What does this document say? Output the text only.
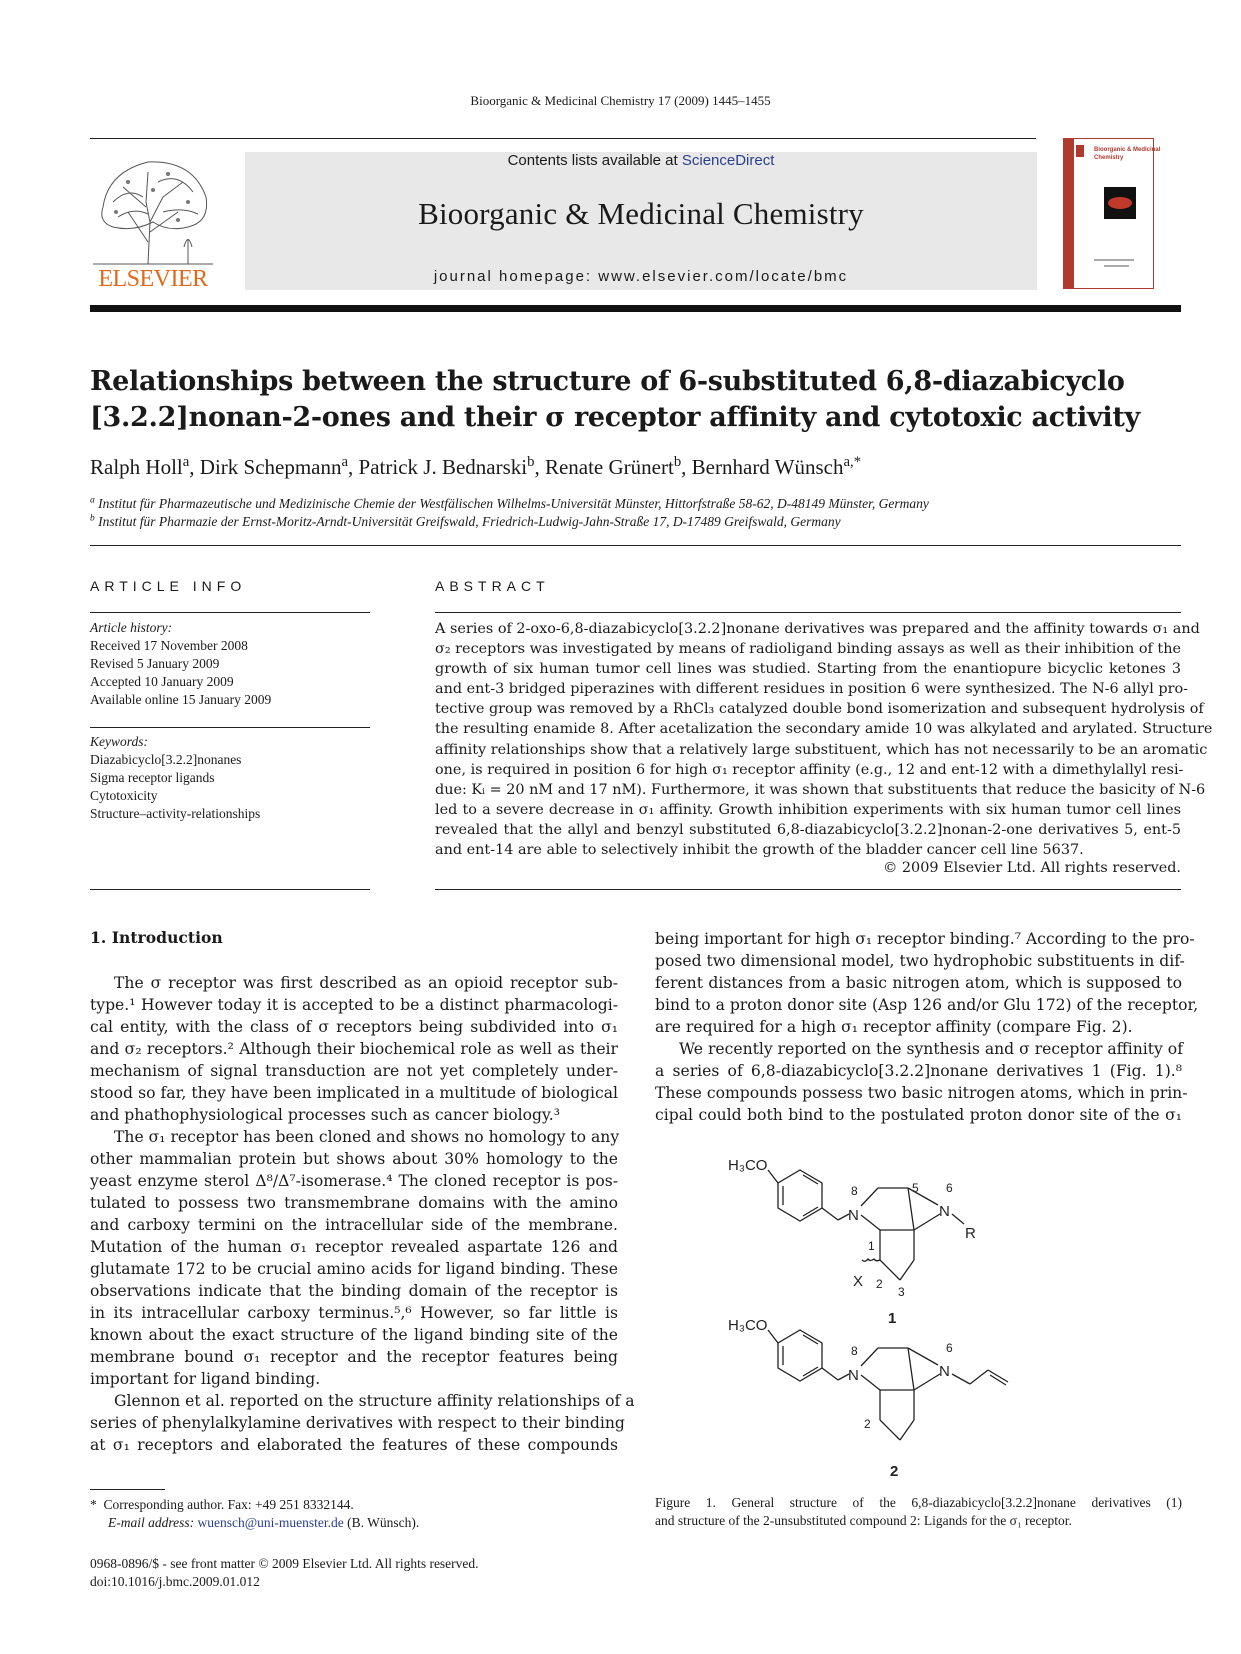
Bioorganic & Medicinal Chemistry 17 (2009) 1445–1455
ELSEVIER
Contents lists available at ScienceDirect
Bioorganic & Medicinal Chemistry
journal homepage: www.elsevier.com/locate/bmc
Bioorganic & Medicinal
Chemistry
Relationships between the structure of 6-substituted 6,8-diazabicyclo
[3.2.2]nonan-2-ones and their σ receptor affinity and cytotoxic activity
Ralph Holl$^a$, Dirk Schepmann$^a$, Patrick J. Bednarski$^b$, Renate Grünert$^b$, Bernhard Wünsch$^{a,*}$
$^a$ Institut für Pharmazeutische und Medizinische Chemie der Westfälischen Wilhelms-Universität Münster, Hittorfstraße 58-62, D-48149 Münster, Germany
$^b$ Institut für Pharmazie der Ernst-Moritz-Arndt-Universität Greifswald, Friedrich-Ludwig-Jahn-Straße 17, D-17489 Greifswald, Germany
ARTICLE INFO
Article history:
Received 17 November 2008
Revised 5 January 2009
Accepted 10 January 2009
Available online 15 January 2009
Keywords:
Diazabicyclo[3.2.2]nonanes
Sigma receptor ligands
Cytotoxicity
Structure–activity-relationships
ABSTRACT
A series of 2-oxo-6,8-diazabicyclo[3.2.2]nonane derivatives was prepared and the affinity towards σ₁ and
σ₂ receptors was investigated by means of radioligand binding assays as well as their inhibition of the
growth of six human tumor cell lines was studied. Starting from the enantiopure bicyclic ketones 3
and ent-3 bridged piperazines with different residues in position 6 were synthesized. The N-6 allyl pro-
tective group was removed by a RhCl₃ catalyzed double bond isomerization and subsequent hydrolysis of
the resulting enamide 8. After acetalization the secondary amide 10 was alkylated and arylated. Structure
affinity relationships show that a relatively large substituent, which has not necessarily to be an aromatic
one, is required in position 6 for high σ₁ receptor affinity (e.g., 12 and ent-12 with a dimethylallyl resi-
due: Kᵢ = 20 nM and 17 nM). Furthermore, it was shown that substituents that reduce the basicity of N-6
led to a severe decrease in σ₁ affinity. Growth inhibition experiments with six human tumor cell lines
revealed that the allyl and benzyl substituted 6,8-diazabicyclo[3.2.2]nonan-2-one derivatives 5, ent-5
and ent-14 are able to selectively inhibit the growth of the bladder cancer cell line 5637.
© 2009 Elsevier Ltd. All rights reserved.
1. Introduction
The σ receptor was first described as an opioid receptor sub-
type.¹ However today it is accepted to be a distinct pharmacologi-
cal entity, with the class of σ receptors being subdivided into σ₁
and σ₂ receptors.² Although their biochemical role as well as their
mechanism of signal transduction are not yet completely under-
stood so far, they have been implicated in a multitude of biological
and phathophysiological processes such as cancer biology.³
The σ₁ receptor has been cloned and shows no homology to any
other mammalian protein but shows about 30% homology to the
yeast enzyme sterol Δ⁸/Δ⁷-isomerase.⁴ The cloned receptor is pos-
tulated to possess two transmembrane domains with the amino
and carboxy termini on the intracellular side of the membrane.
Mutation of the human σ₁ receptor revealed aspartate 126 and
glutamate 172 to be crucial amino acids for ligand binding. These
observations indicate that the binding domain of the receptor is
in its intracellular carboxy terminus.⁵,⁶ However, so far little is
known about the exact structure of the ligand binding site of the
membrane bound σ₁ receptor and the receptor features being
important for ligand binding.
Glennon et al. reported on the structure affinity relationships of a
series of phenylalkylamine derivatives with respect to their binding
at σ₁ receptors and elaborated the features of these compounds
being important for high σ₁ receptor binding.⁷ According to the pro-
posed two dimensional model, two hydrophobic substituents in dif-
ferent distances from a basic nitrogen atom, which is supposed to
bind to a proton donor site (Asp 126 and/or Glu 172) of the receptor,
are required for a high σ₁ receptor affinity (compare Fig. 2).
We recently reported on the synthesis and σ receptor affinity of
a series of 6,8-diazabicyclo[3.2.2]nonane derivatives 1 (Fig. 1).⁸
These compounds possess two basic nitrogen atoms, which in prin-
cipal could both bind to the postulated proton donor site of the σ₁
H₃CO
N	N
R
X
8	6
5
1
2
3
1
H₃CO
N	N
8	6
2
2
Figure 1. General structure of the 6,8-diazabicyclo[3.2.2]nonane derivatives (1)
and structure of the 2-unsubstituted compound 2: Ligands for the σ₁ receptor.
*  Corresponding author. Fax: +49 251 8332144.
E-mail address: wuensch@uni-muenster.de (B. Wünsch).
0968-0896/$ - see front matter © 2009 Elsevier Ltd. All rights reserved.
doi:10.1016/j.bmc.2009.01.012
